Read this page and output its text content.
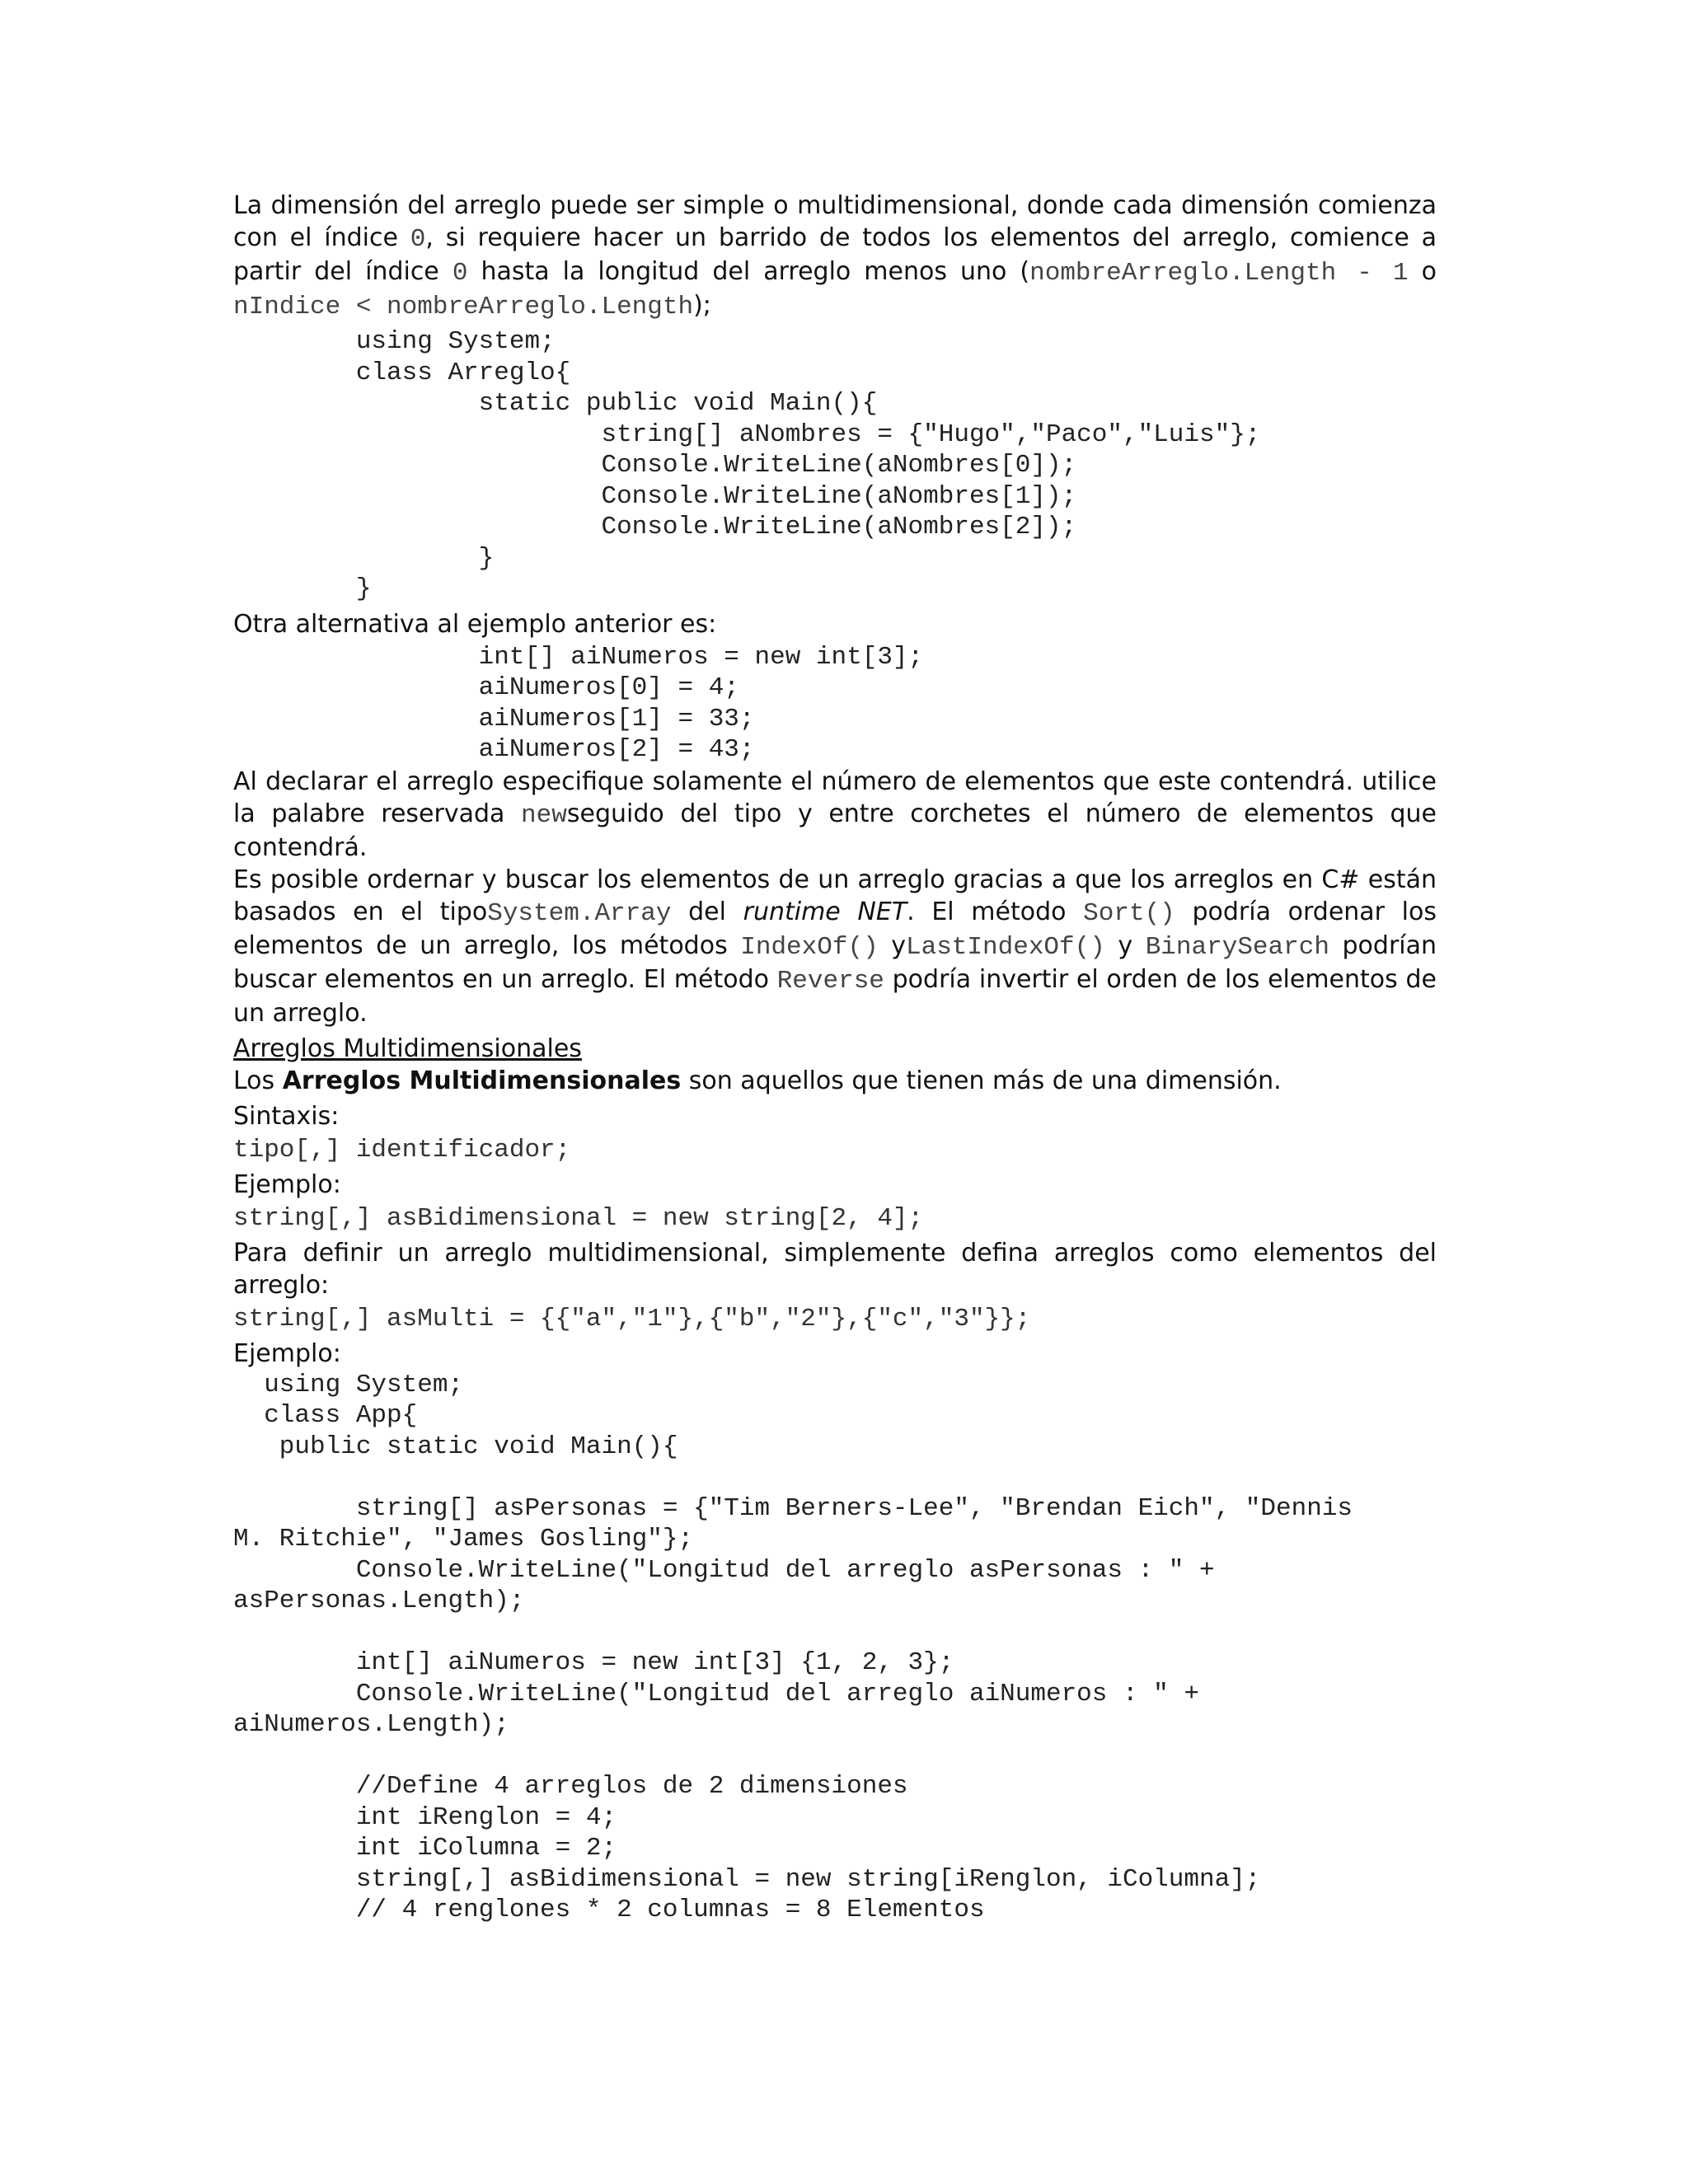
La dimensión del arreglo puede ser simple o multidimensional, donde cada dimensión comienza con el índice 0, si requiere hacer un barrido de todos los elementos del arreglo, comience a partir del índice 0 hasta la longitud del arreglo menos uno (nombreArreglo.Length - 1 o nIndice < nombreArreglo.Length);

using System;
class Arreglo{
static public void Main(){
string[] aNombres = {"Hugo","Paco","Luis"};
Console.WriteLine(aNombres[0]);
Console.WriteLine(aNombres[1]);
Console.WriteLine(aNombres[2]);
}
}

Otra alternativa al ejemplo anterior es:

int[] aiNumeros = new int[3];
aiNumeros[0] = 4;
aiNumeros[1] = 33;
aiNumeros[2] = 43;

Al declarar el arreglo especifique solamente el número de elementos que este contendrá. utilice la palabre reservada newseguido del tipo y entre corchetes el número de elementos que contendrá.

Es posible ordernar y buscar los elementos de un arreglo gracias a que los arreglos en C# están basados en el tipoSystem.Array del runtime NET. El método Sort() podría ordenar los elementos de un arreglo, los métodos IndexOf() yLastIndexOf() y BinarySearch podrían buscar elementos en un arreglo. El método Reverse podría invertir el orden de los elementos de un arreglo.

Arreglos Multidimensionales

Los Arreglos Multidimensionales son aquellos que tienen más de una dimensión.

Sintaxis:

tipo[,] identificador;

Ejemplo:

string[,] asBidimensional = new string[2, 4];

Para definir un arreglo multidimensional, simplemente defina arreglos como elementos del arreglo:

string[,] asMulti = {{"a","1"},{"b","2"},{"c","3"}};

Ejemplo:

using System;
class App{
public static void Main(){

string[] asPersonas = {"Tim Berners-Lee", "Brendan Eich", "Dennis
M. Ritchie", "James Gosling"};
Console.WriteLine("Longitud del arreglo asPersonas : " +
asPersonas.Length);

int[] aiNumeros = new int[3] {1, 2, 3};
Console.WriteLine("Longitud del arreglo aiNumeros : " +
aiNumeros.Length);

//Define 4 arreglos de 2 dimensiones
int iRenglon = 4;
int iColumna = 2;
string[,] asBidimensional = new string[iRenglon, iColumna];
// 4 renglones * 2 columnas = 8 Elementos
